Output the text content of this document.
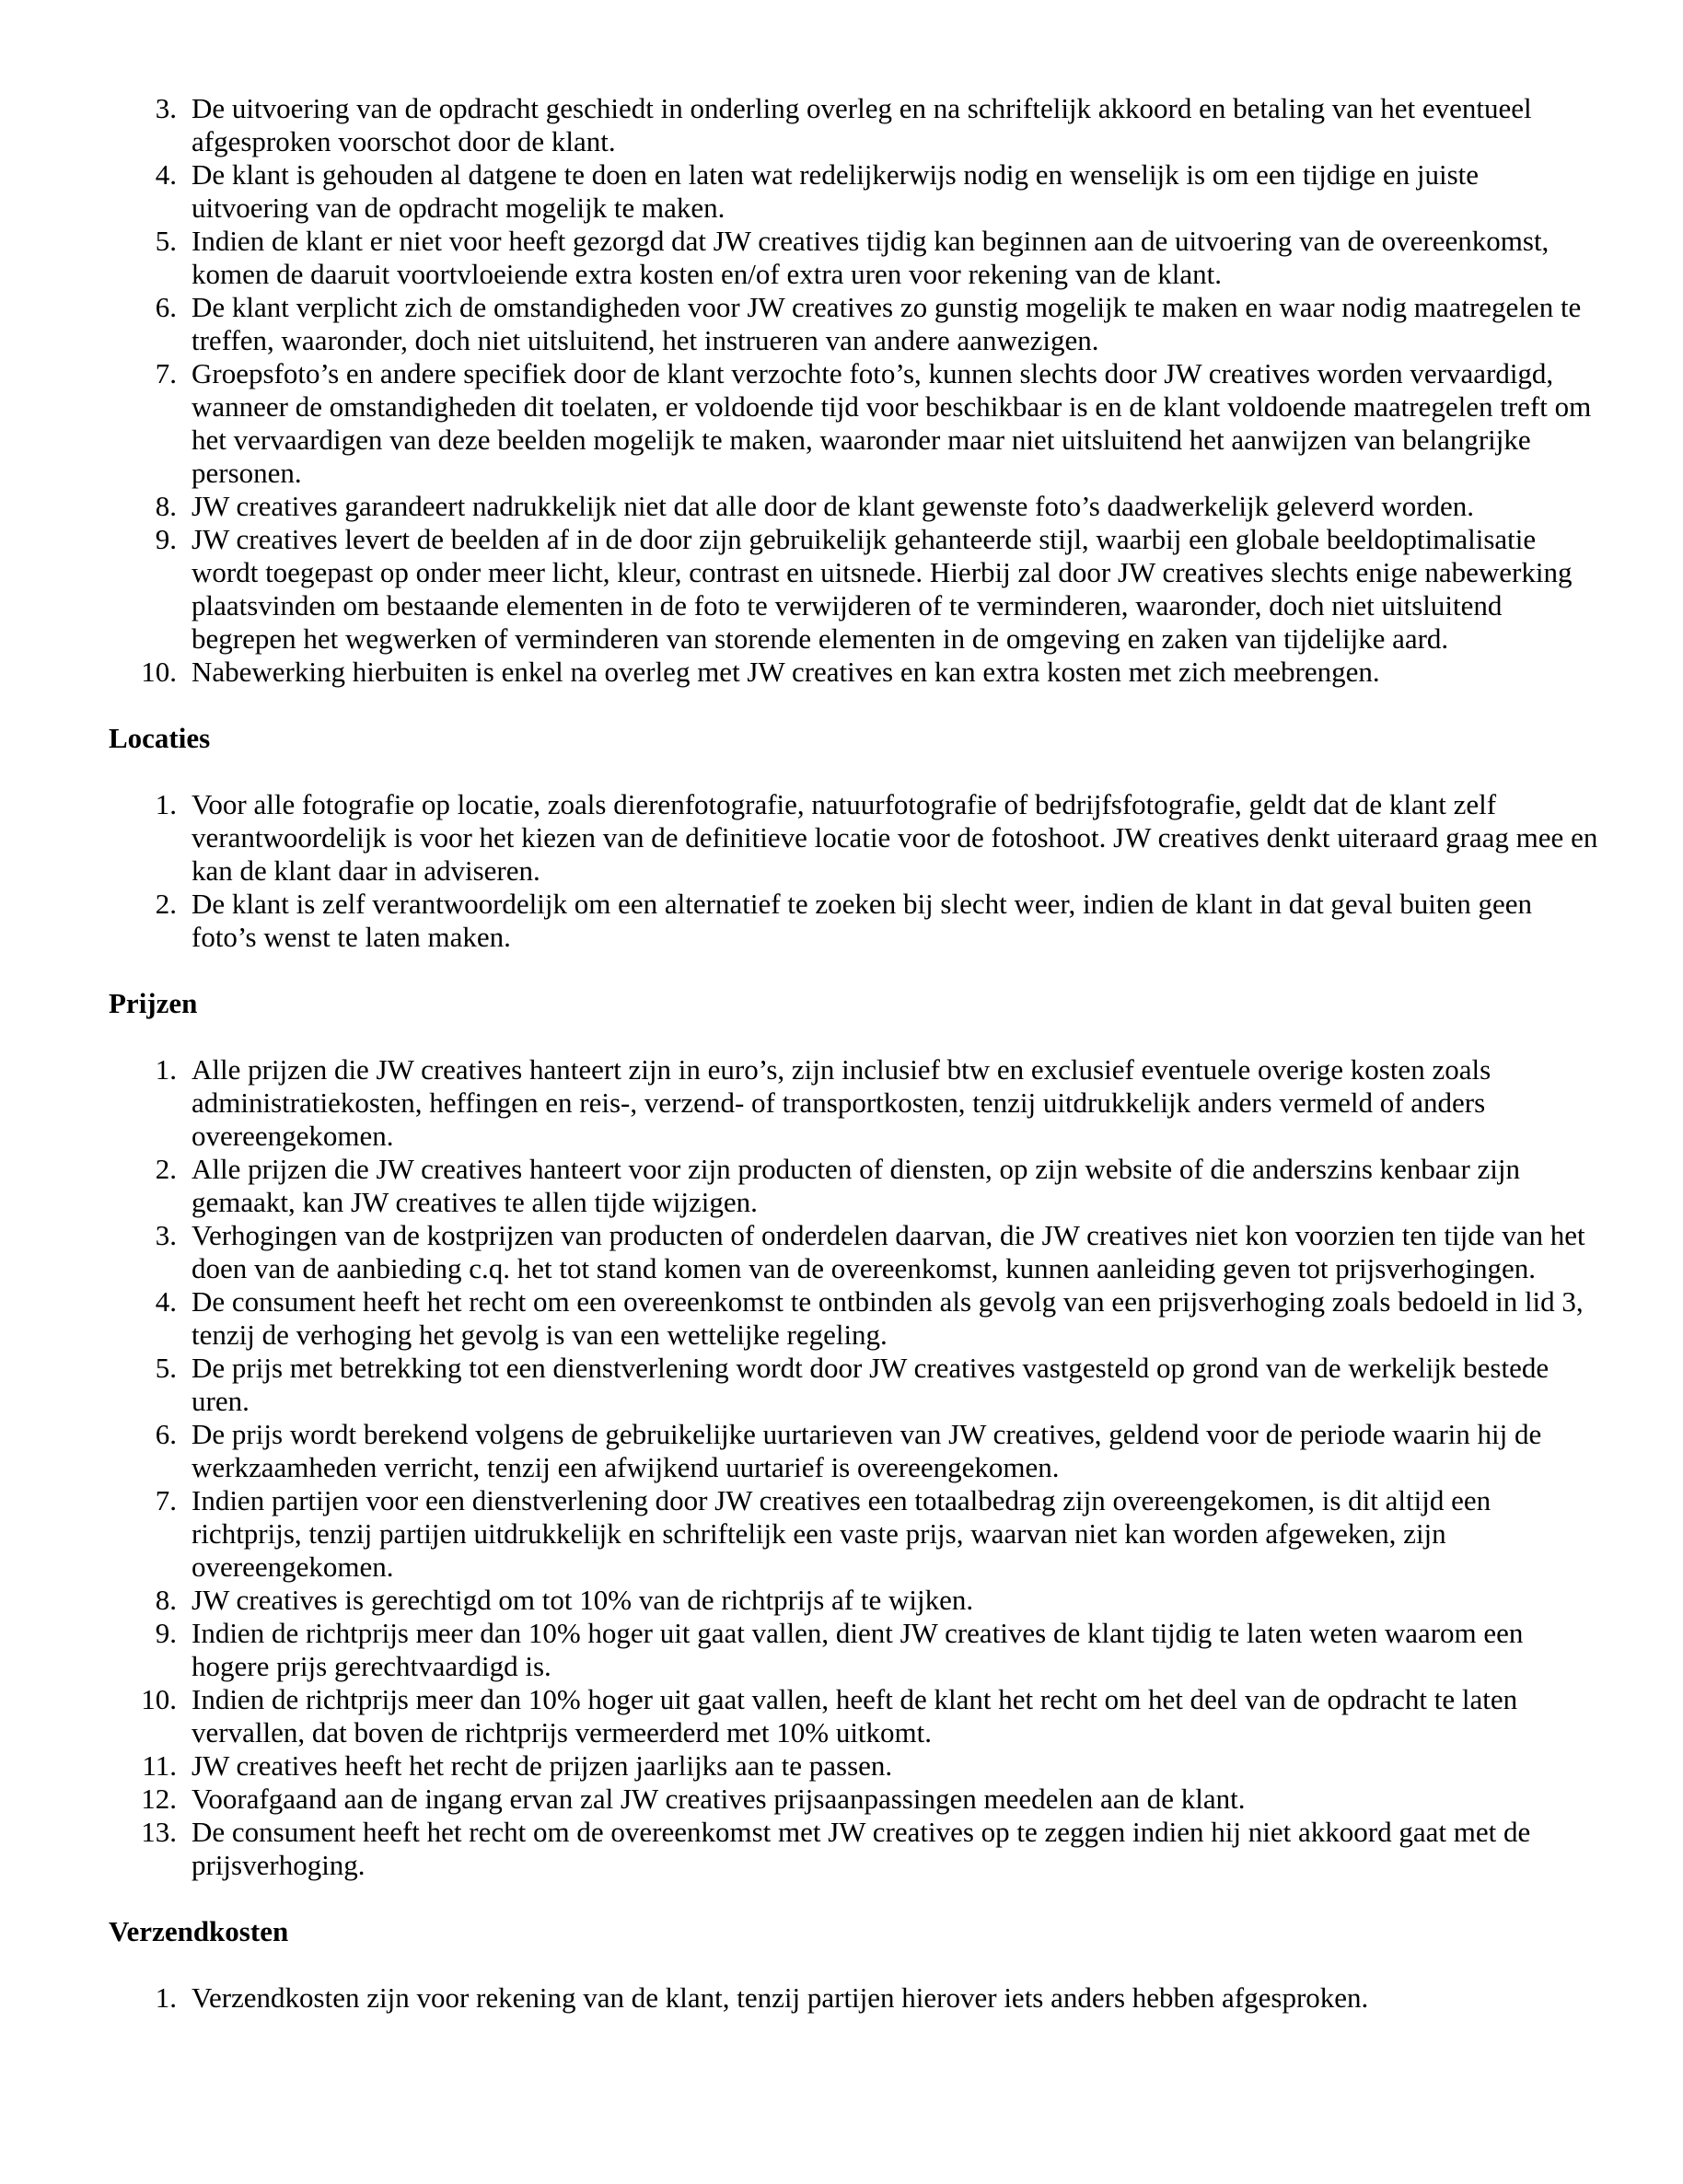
3. De uitvoering van de opdracht geschiedt in onderling overleg en na schriftelijk akkoord en betaling van het eventueel afgesproken voorschot door de klant.
4. De klant is gehouden al datgene te doen en laten wat redelijkerwijs nodig en wenselijk is om een tijdige en juiste uitvoering van de opdracht mogelijk te maken.
5. Indien de klant er niet voor heeft gezorgd dat JW creatives tijdig kan beginnen aan de uitvoering van de overeenkomst, komen de daaruit voortvloeiende extra kosten en/of extra uren voor rekening van de klant.
6. De klant verplicht zich de omstandigheden voor JW creatives zo gunstig mogelijk te maken en waar nodig maatregelen te treffen, waaronder, doch niet uitsluitend, het instrueren van andere aanwezigen.
7. Groepsfoto’s en andere specifiek door de klant verzochte foto’s, kunnen slechts door JW creatives worden vervaardigd, wanneer de omstandigheden dit toelaten, er voldoende tijd voor beschikbaar is en de klant voldoende maatregelen treft om het vervaardigen van deze beelden mogelijk te maken, waaronder maar niet uitsluitend het aanwijzen van belangrijke personen.
8. JW creatives garandeert nadrukkelijk niet dat alle door de klant gewenste foto’s daadwerkelijk geleverd worden.
9. JW creatives levert de beelden af in de door zijn gebruikelijk gehanteerde stijl, waarbij een globale beeldoptimalisatie wordt toegepast op onder meer licht, kleur, contrast en uitsnede. Hierbij zal door JW creatives slechts enige nabewerking plaatsvinden om bestaande elementen in de foto te verwijderen of te verminderen, waaronder, doch niet uitsluitend begrepen het wegwerken of verminderen van storende elementen in de omgeving en zaken van tijdelijke aard.
10. Nabewerking hierbuiten is enkel na overleg met JW creatives en kan extra kosten met zich meebrengen.
Locaties
1. Voor alle fotografie op locatie, zoals dierenfotografie, natuurfotografie of bedrijfsfotografie, geldt dat de klant zelf verantwoordelijk is voor het kiezen van de definitieve locatie voor de fotoshoot. JW creatives denkt uiteraard graag mee en kan de klant daar in adviseren.
2. De klant is zelf verantwoordelijk om een alternatief te zoeken bij slecht weer, indien de klant in dat geval buiten geen foto’s wenst te laten maken.
Prijzen
1. Alle prijzen die JW creatives hanteert zijn in euro’s, zijn inclusief btw en exclusief eventuele overige kosten zoals administratiekosten, heffingen en reis-, verzend- of transportkosten, tenzij uitdrukkelijk anders vermeld of anders overeengekomen.
2. Alle prijzen die JW creatives hanteert voor zijn producten of diensten, op zijn website of die anderszins kenbaar zijn gemaakt, kan JW creatives te allen tijde wijzigen.
3. Verhogingen van de kostprijzen van producten of onderdelen daarvan, die JW creatives niet kon voorzien ten tijde van het doen van de aanbieding c.q. het tot stand komen van de overeenkomst, kunnen aanleiding geven tot prijsverhogingen.
4. De consument heeft het recht om een overeenkomst te ontbinden als gevolg van een prijsverhoging zoals bedoeld in lid 3, tenzij de verhoging het gevolg is van een wettelijke regeling.
5. De prijs met betrekking tot een dienstverlening wordt door JW creatives vastgesteld op grond van de werkelijk bestede uren.
6. De prijs wordt berekend volgens de gebruikelijke uurtarieven van JW creatives, geldend voor de periode waarin hij de werkzaamheden verricht, tenzij een afwijkend uurtarief is overeengekomen.
7. Indien partijen voor een dienstverlening door JW creatives een totaalbedrag zijn overeengekomen, is dit altijd een richtprijs, tenzij partijen uitdrukkelijk en schriftelijk een vaste prijs, waarvan niet kan worden afgeweken, zijn overeengekomen.
8. JW creatives is gerechtigd om tot 10% van de richtprijs af te wijken.
9. Indien de richtprijs meer dan 10% hoger uit gaat vallen, dient JW creatives de klant tijdig te laten weten waarom een hogere prijs gerechtvaardigd is.
10. Indien de richtprijs meer dan 10% hoger uit gaat vallen, heeft de klant het recht om het deel van de opdracht te laten vervallen, dat boven de richtprijs vermeerderd met 10% uitkomt.
11. JW creatives heeft het recht de prijzen jaarlijks aan te passen.
12. Voorafgaand aan de ingang ervan zal JW creatives prijsaanpassingen meedelen aan de klant.
13. De consument heeft het recht om de overeenkomst met JW creatives op te zeggen indien hij niet akkoord gaat met de prijsverhoging.
Verzendkosten
1. Verzendkosten zijn voor rekening van de klant, tenzij partijen hierover iets anders hebben afgesproken.
